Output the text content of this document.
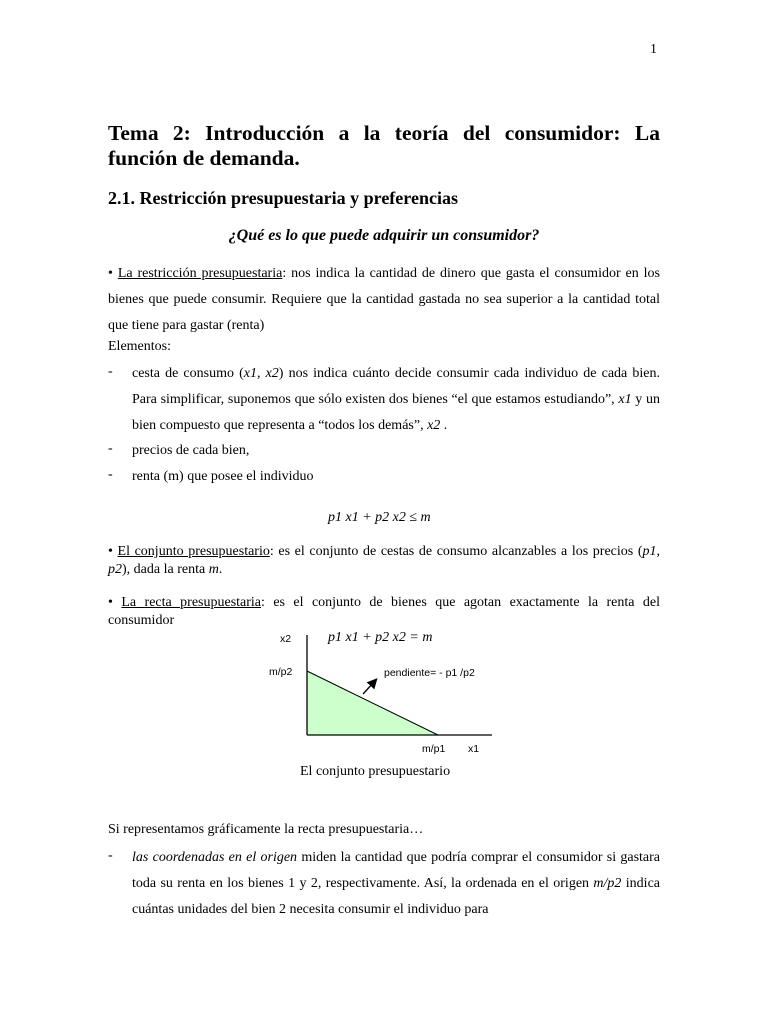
1
Tema 2: Introducción a la teoría del consumidor: La función de demanda.
2.1. Restricción presupuestaria y preferencias
¿Qué es lo que puede adquirir un consumidor?

• La restricción presupuestaria: nos indica la cantidad de dinero que gasta el consumidor en los bienes que puede consumir. Requiere que la cantidad gastada no sea superior a la cantidad total que tiene para gastar (renta)

Elementos:

- cesta de consumo (x1, x2) nos indica cuánto decide consumir cada individuo de cada bien. Para simplificar, suponemos que sólo existen dos bienes “el que estamos estudiando”, x1 y un bien compuesto que representa a “todos los demás”, x2 .

- precios de cada bien,

- renta (m) que posee el individuo

p1 x1 + p2 x2 ≤ m

• El conjunto presupuestario: es el conjunto de cestas de consumo alcanzables a los precios (p1, p2), dada la renta m.

• La recta presupuestaria: es el conjunto de bienes que agotan exactamente la renta del consumidor

x2
m/p2
m/p1 x1
pendiente= - p1 /p2
p1 x1 + p2 x2 = m
El conjunto presupuestario

Si representamos gráficamente la recta presupuestaria…

- las coordenadas en el origen miden la cantidad que podría comprar el consumidor si gastara toda su renta en los bienes 1 y 2, respectivamente. Así, la ordenada en el origen m/p2 indica cuántas unidades del bien 2 necesita consumir el individuo para
